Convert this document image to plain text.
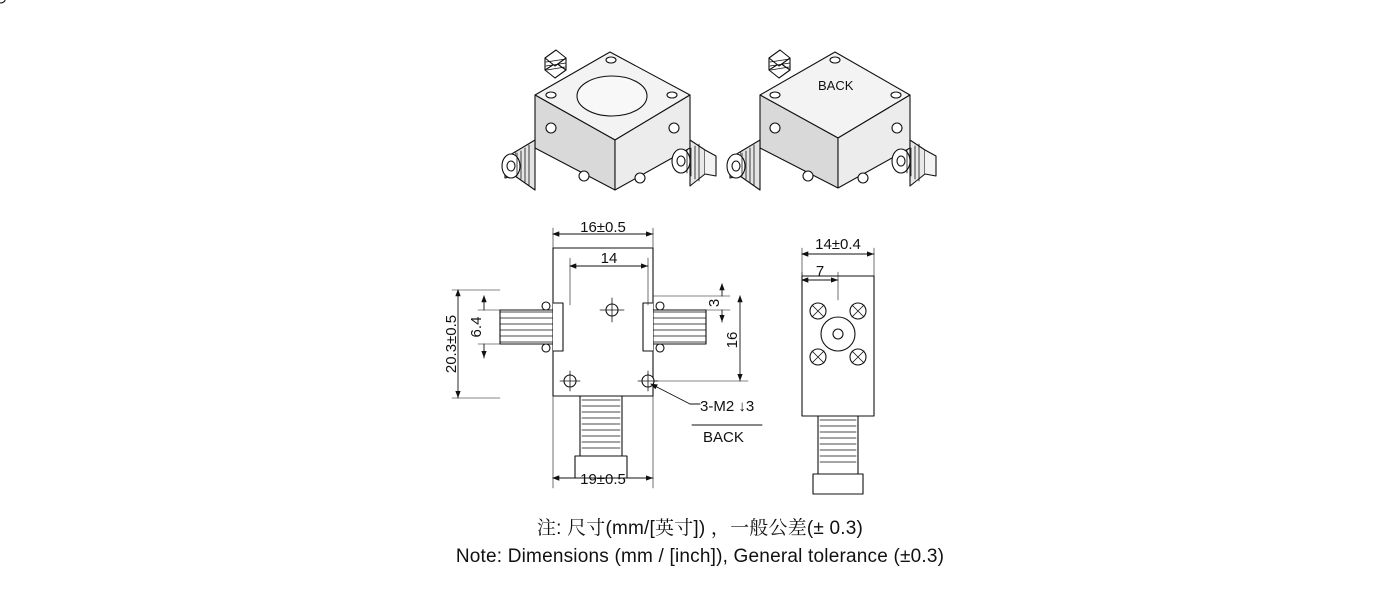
16±0.5
14
19±0.5
20.3±0.5 6.4
3
16
14±0.4
7
3-M2 ↓3
BACK
BACK
注: 尺寸(mm/[英寸]) ，一般公差(± 0.3)
Note: Dimensions (mm / [inch]), General tolerance (±0.3)
